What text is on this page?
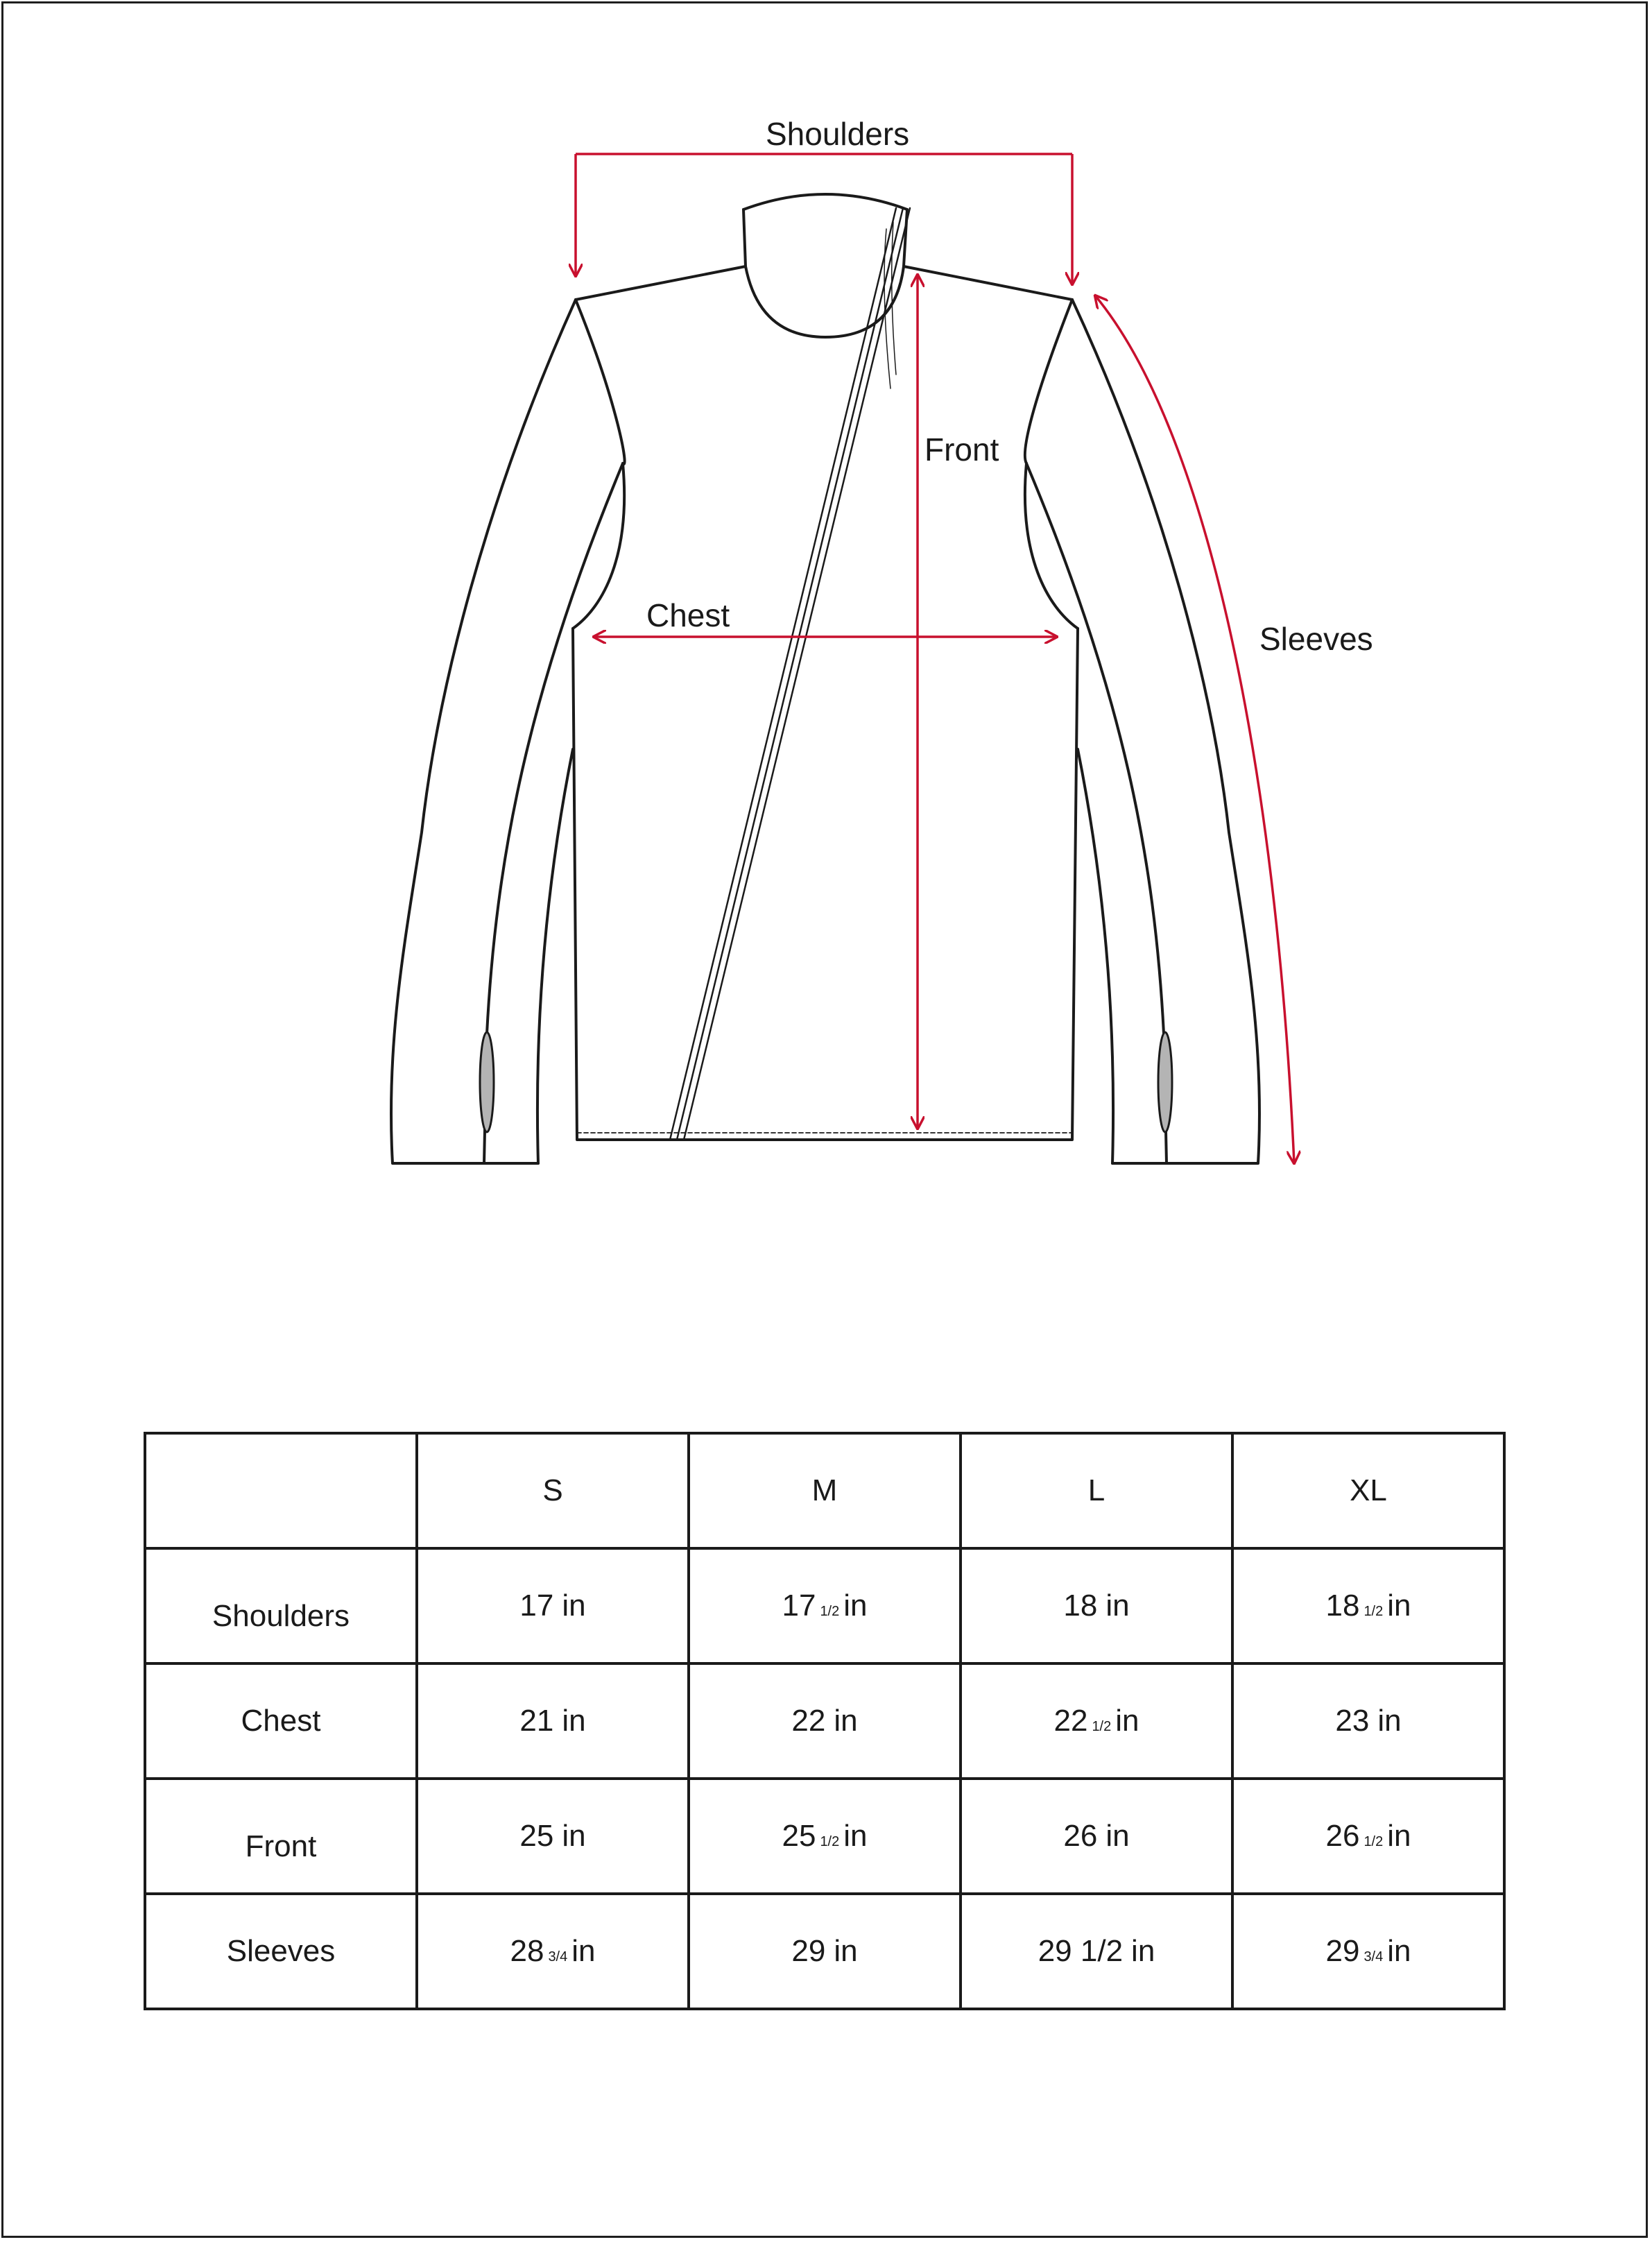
Shoulders
Front
Chest
Sleeves
	S	M	L	XL
Shoulders	17 in	17 1/2 in	18 in	18 1/2 in
Chest	21 in	22 in	22 1/2 in	23 in
Front	25 in	25 1/2 in	26 in	26 1/2 in
Sleeves	28 3/4 in	29 in	29 1/2 in	29 3/4 in
